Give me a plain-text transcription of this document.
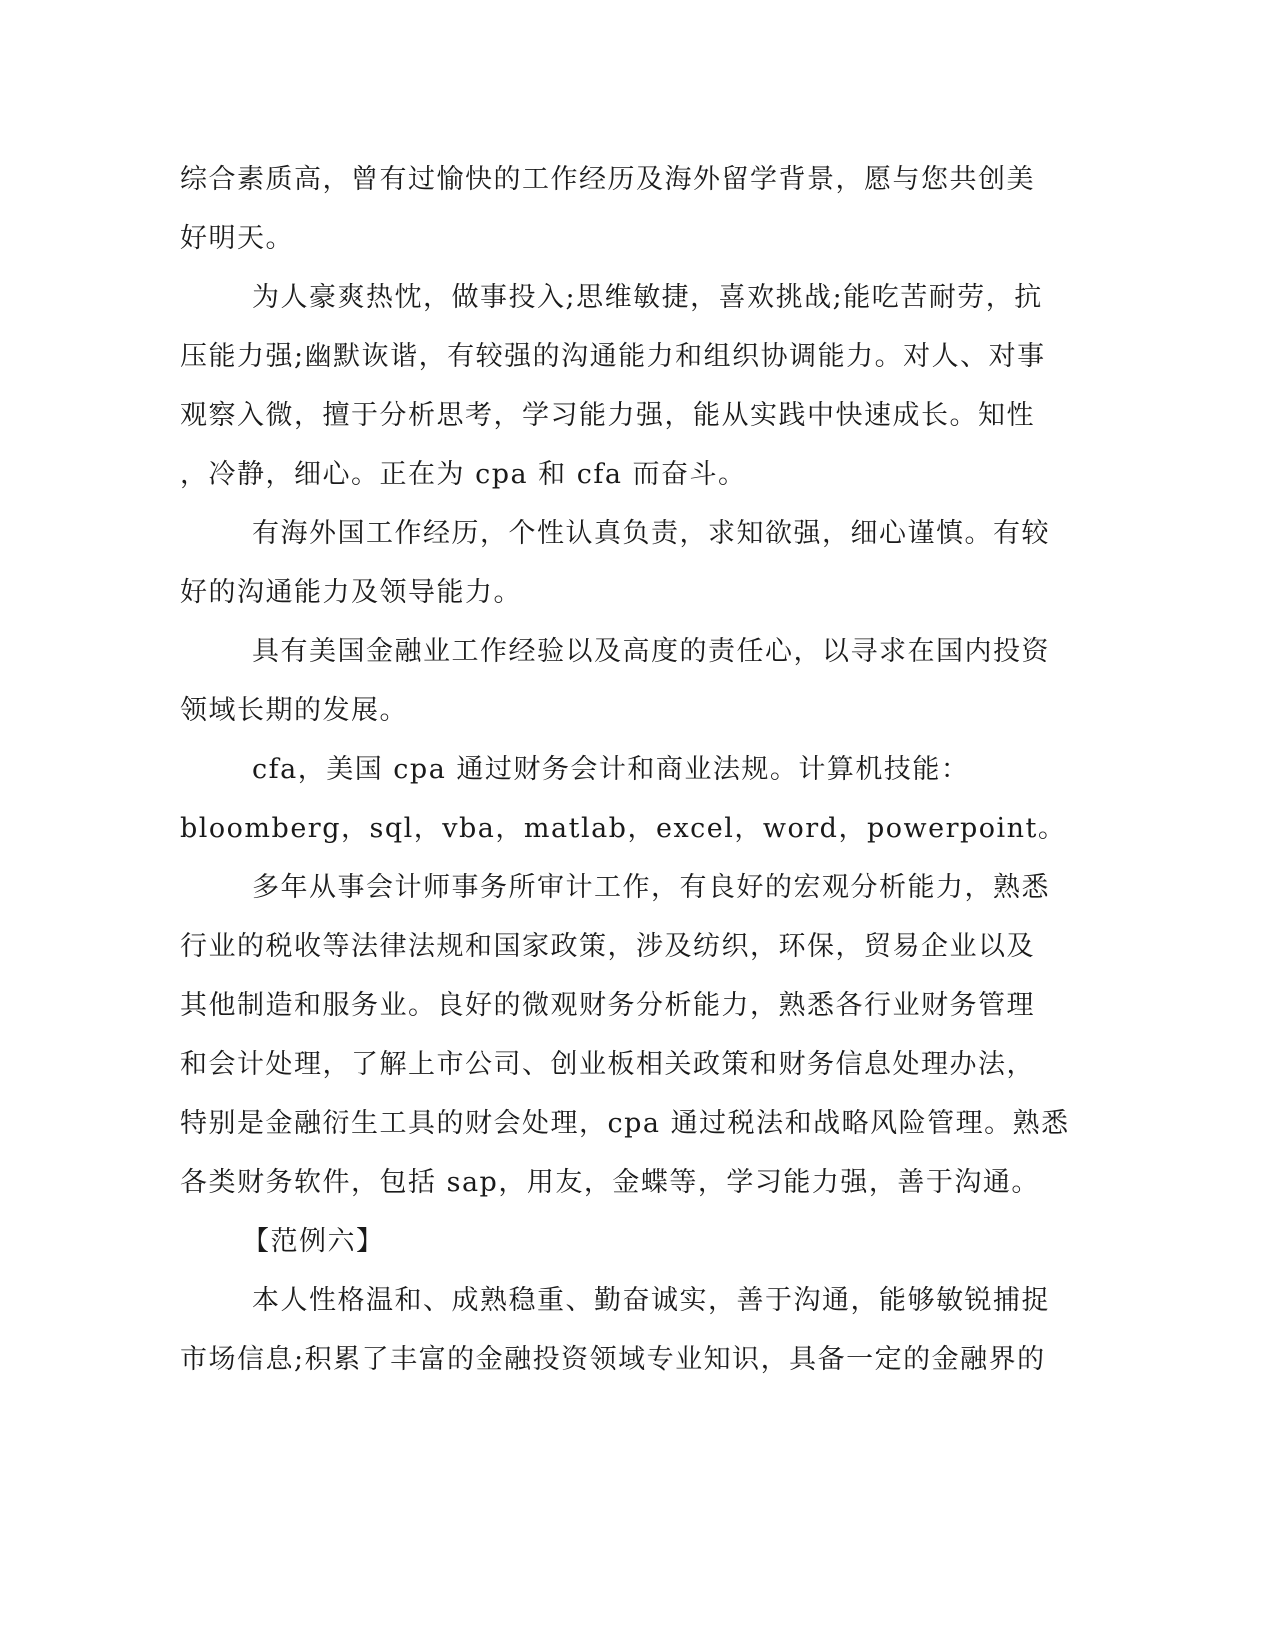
综合素质高，曾有过愉快的工作经历及海外留学背景，愿与您共创美
好明天。
为人豪爽热忱，做事投入;思维敏捷，喜欢挑战;能吃苦耐劳，抗
压能力强;幽默诙谐，有较强的沟通能力和组织协调能力。对人、对事
观察入微，擅于分析思考，学习能力强，能从实践中快速成长。知性
，冷静，细心。正在为 cpa 和 cfa 而奋斗。
有海外国工作经历，个性认真负责，求知欲强，细心谨慎。有较
好的沟通能力及领导能力。
具有美国金融业工作经验以及高度的责任心，以寻求在国内投资
领域长期的发展。
cfa，美国 cpa 通过财务会计和商业法规。计算机技能：
bloomberg，sql，vba，matlab，excel，word，powerpoint。
多年从事会计师事务所审计工作，有良好的宏观分析能力，熟悉
行业的税收等法律法规和国家政策，涉及纺织，环保，贸易企业以及
其他制造和服务业。良好的微观财务分析能力，熟悉各行业财务管理
和会计处理，了解上市公司、创业板相关政策和财务信息处理办法，
特别是金融衍生工具的财会处理，cpa 通过税法和战略风险管理。熟悉
各类财务软件，包括 sap，用友，金蝶等，学习能力强，善于沟通。
【范例六】
本人性格温和、成熟稳重、勤奋诚实，善于沟通，能够敏锐捕捉
市场信息;积累了丰富的金融投资领域专业知识，具备一定的金融界的
